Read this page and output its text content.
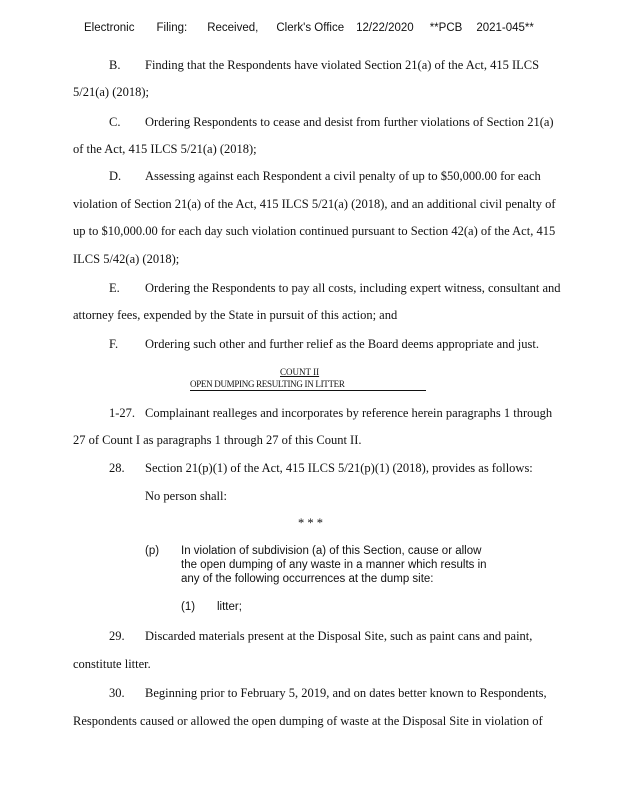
Electronic Filing: Received, Clerk's Office 12/22/2020 **PCB 2021-045**
B. Finding that the Respondents have violated Section 21(a) of the Act, 415 ILCS
5/21(a) (2018);
C. Ordering Respondents to cease and desist from further violations of Section 21(a)
of the Act, 415 ILCS 5/21(a) (2018);
D. Assessing against each Respondent a civil penalty of up to $50,000.00 for each
violation of Section 21(a) of the Act, 415 ILCS 5/21(a) (2018), and an additional civil penalty of
up to $10,000.00 for each day such violation continued pursuant to Section 42(a) of the Act, 415
ILCS 5/42(a) (2018);
E. Ordering the Respondents to pay all costs, including expert witness, consultant and
attorney fees, expended by the State in pursuit of this action; and
F. Ordering such other and further relief as the Board deems appropriate and just.
COUNT II
OPEN DUMPING RESULTING IN LITTER
1-27. Complainant realleges and incorporates by reference herein paragraphs 1 through
27 of Count I as paragraphs 1 through 27 of this Count II.
28. Section 21(p)(1) of the Act, 415 ILCS 5/21(p)(1) (2018), provides as follows:
No person shall:
* * *
(p) In violation of subdivision (a) of this Section, cause or allow
the open dumping of any waste in a manner which results in
any of the following occurrences at the dump site:
(1) litter;
29. Discarded materials present at the Disposal Site, such as paint cans and paint,
constitute litter.
30. Beginning prior to February 5, 2019, and on dates better known to Respondents,
Respondents caused or allowed the open dumping of waste at the Disposal Site in violation of
